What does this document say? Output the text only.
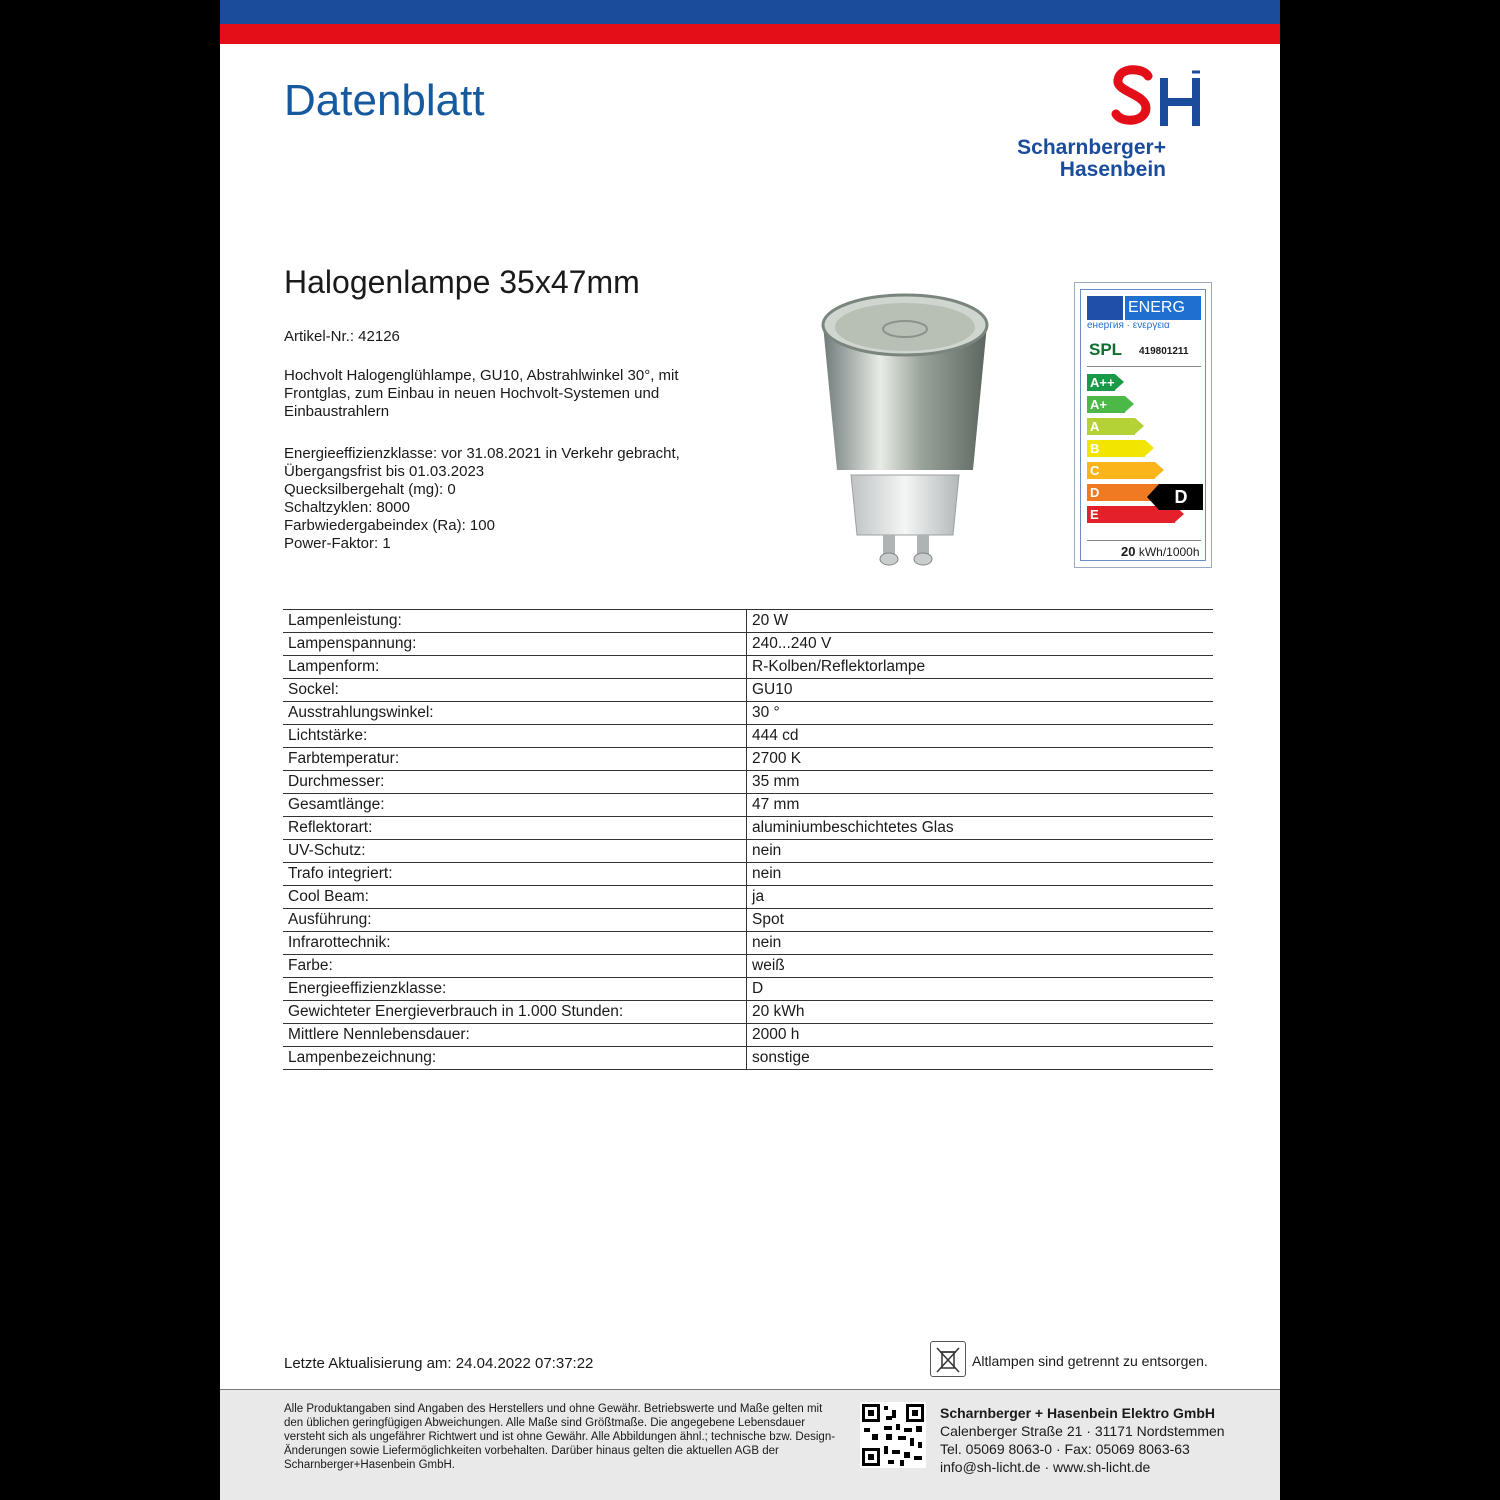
Datenblatt
Scharnberger+
Hasenbein
Halogenlampe 35x47mm
Artikel-Nr.: 42126
Hochvolt Halogenglühlampe, GU10, Abstrahlwinkel 30°, mit Frontglas, zum Einbau in neuen Hochvolt-Systemen und Einbaustrahlern
Energieeffizienzklasse: vor 31.08.2021 in Verkehr gebracht,
Übergangsfrist bis 01.03.2023
Quecksilbergehalt (mg): 0
Schaltzyklen: 8000
Farbwiedergabeindex (Ra): 100
Power-Faktor: 1
ENERG
енергия · ενεργεια
SPL 419801211
A++
A+
A
B
C
D
E
D
20 kWh/1000h
Lampenleistung:	20 W
Lampenspannung:	240...240 V
Lampenform:	R-Kolben/Reflektorlampe
Sockel:	GU10
Ausstrahlungswinkel:	30 °
Lichtstärke:	444 cd
Farbtemperatur:	2700 K
Durchmesser:	35 mm
Gesamtlänge:	47 mm
Reflektorart:	aluminiumbeschichtetes Glas
UV-Schutz:	nein
Trafo integriert:	nein
Cool Beam:	ja
Ausführung:	Spot
Infrarottechnik:	nein
Farbe:	weiß
Energieeffizienzklasse:	D
Gewichteter Energieverbrauch in 1.000 Stunden:	20 kWh
Mittlere Nennlebensdauer:	2000 h
Lampenbezeichnung:	sonstige
Letzte Aktualisierung am: 24.04.2022 07:37:22	Altlampen sind getrennt zu entsorgen.
Alle Produktangaben sind Angaben des Herstellers und ohne Gewähr. Betriebswerte und Maße gelten mit den üblichen geringfügigen Abweichungen. Alle Maße sind Größtmaße. Die angegebene Lebensdauer versteht sich als ungefährer Richtwert und ist ohne Gewähr. Alle Abbildungen ähnl.; technische bzw. Design-Änderungen sowie Liefermöglichkeiten vorbehalten. Darüber hinaus gelten die aktuellen AGB der Scharnberger+Hasenbein GmbH.
Scharnberger + Hasenbein Elektro GmbH
Calenberger Straße 21 · 31171 Nordstemmen
Tel. 05069 8063-0 · Fax: 05069 8063-63
info@sh-licht.de · www.sh-licht.de
